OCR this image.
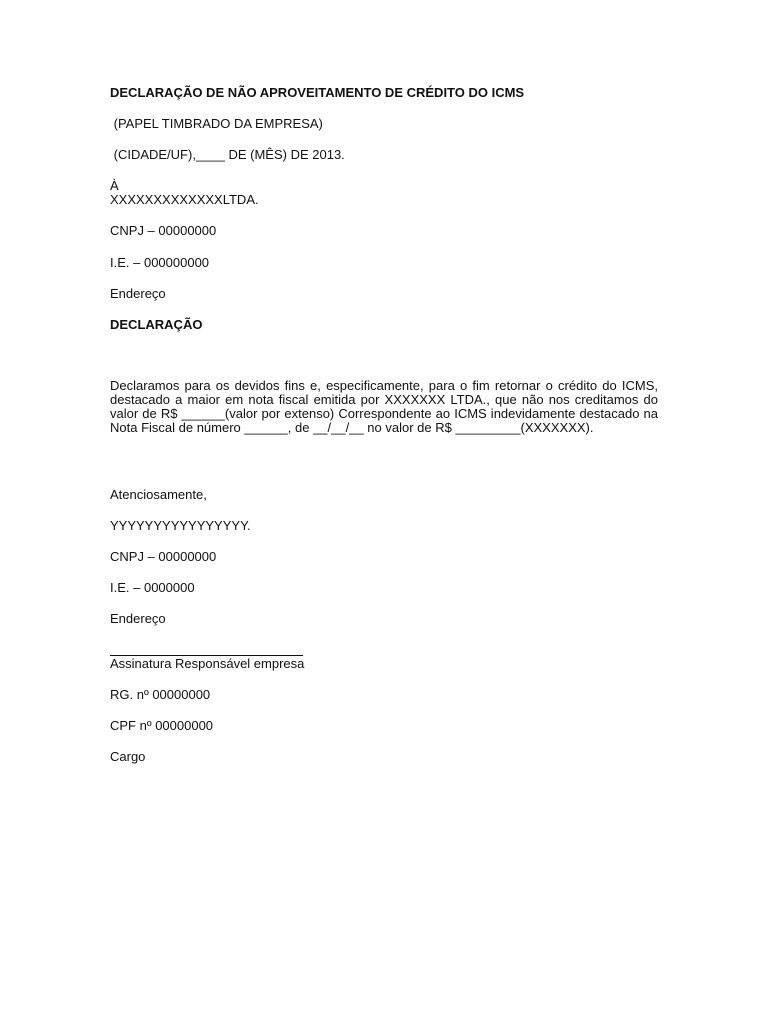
DECLARAÇÃO DE NÃO APROVEITAMENTO DE CRÉDITO DO ICMS
(PAPEL TIMBRADO DA EMPRESA)
(CIDADE/UF),____ DE (MÊS) DE 2013.
À
XXXXXXXXXXXXXLTDA.
CNPJ – 00000000
I.E. – 000000000
Endereço
DECLARAÇÃO
Declaramos para os devidos fins e, especificamente, para o fim retornar o crédito do ICMS, destacado a maior em nota fiscal emitida por XXXXXXX LTDA., que não nos creditamos do valor de R$ ______(valor por extenso) Correspondente ao ICMS indevidamente destacado na Nota Fiscal de número ______, de __/__/__ no valor de R$ _________(XXXXXXX).
Atenciosamente,
YYYYYYYYYYYYYYYY.
CNPJ – 00000000
I.E. – 0000000
Endereço
Assinatura Responsável empresa
RG. nº 00000000
CPF nº 00000000
Cargo
